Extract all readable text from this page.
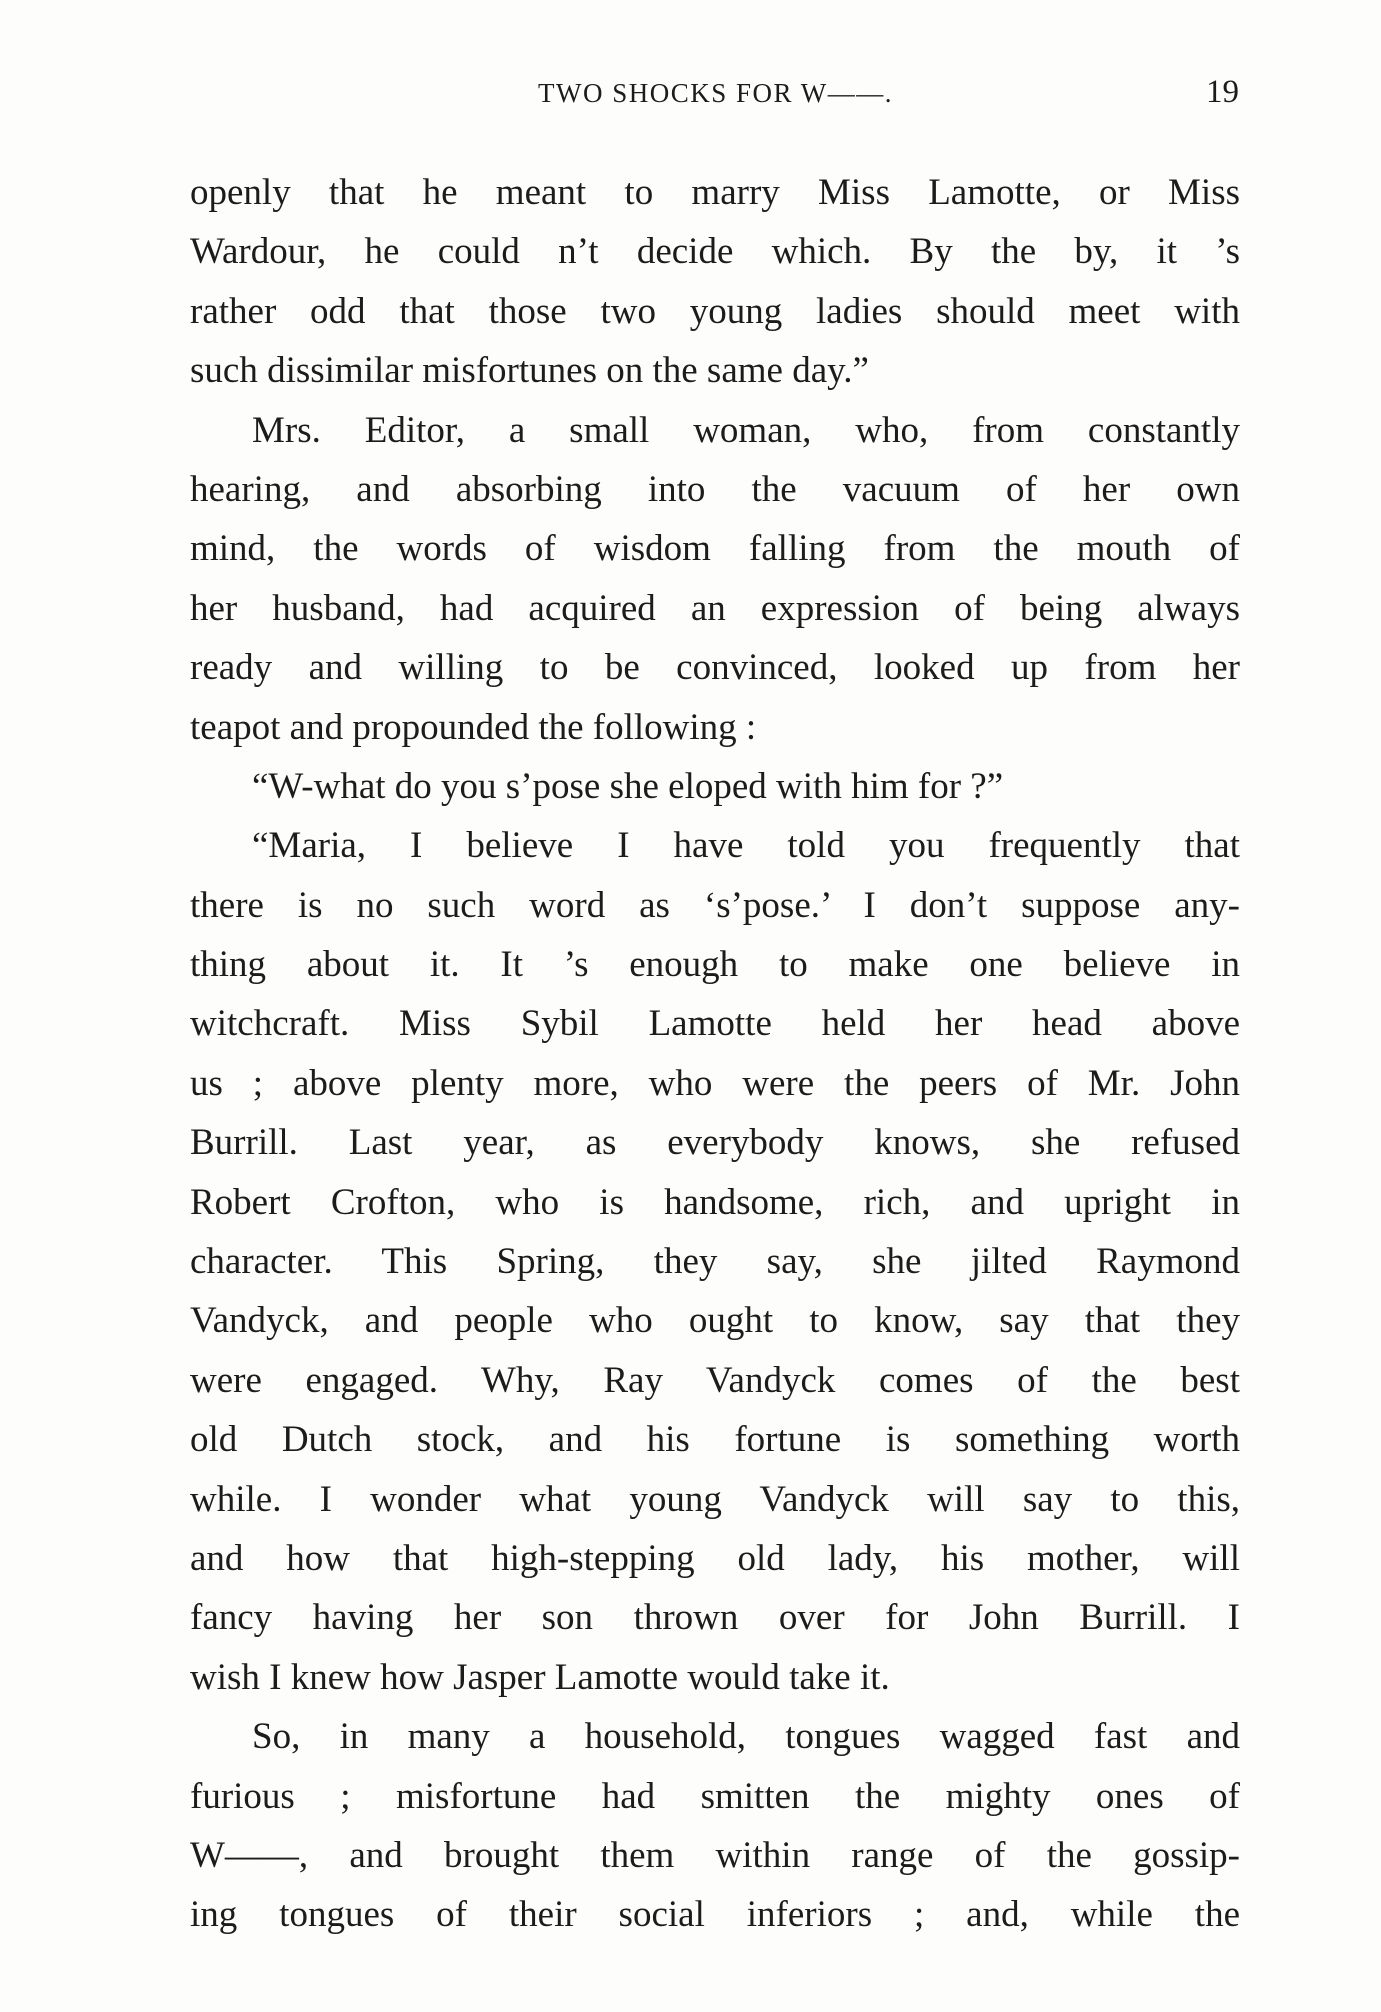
TWO SHOCKS FOR W——.	19
openly that he meant to marry Miss Lamotte, or Miss
Wardour, he could n’t decide which. By the by, it ’s
rather odd that those two young ladies should meet with
such dissimilar misfortunes on the same day.”
Mrs. Editor, a small woman, who, from constantly
hearing, and absorbing into the vacuum of her own
mind, the words of wisdom falling from the mouth of
her husband, had acquired an expression of being always
ready and willing to be convinced, looked up from her
teapot and propounded the following :
“W-what do you s’pose she eloped with him for ?”
“Maria, I believe I have told you frequently that
there is no such word as ‘s’pose.’ I don’t suppose any-
thing about it. It ’s enough to make one believe in
witchcraft. Miss Sybil Lamotte held her head above
us ; above plenty more, who were the peers of Mr. John
Burrill. Last year, as everybody knows, she refused
Robert Crofton, who is handsome, rich, and upright in
character. This Spring, they say, she jilted Raymond
Vandyck, and people who ought to know, say that they
were engaged. Why, Ray Vandyck comes of the best
old Dutch stock, and his fortune is something worth
while. I wonder what young Vandyck will say to this,
and how that high-stepping old lady, his mother, will
fancy having her son thrown over for John Burrill. I
wish I knew how Jasper Lamotte would take it.
So, in many a household, tongues wagged fast and
furious ; misfortune had smitten the mighty ones of
W——, and brought them within range of the gossip-
ing tongues of their social inferiors ; and, while the
